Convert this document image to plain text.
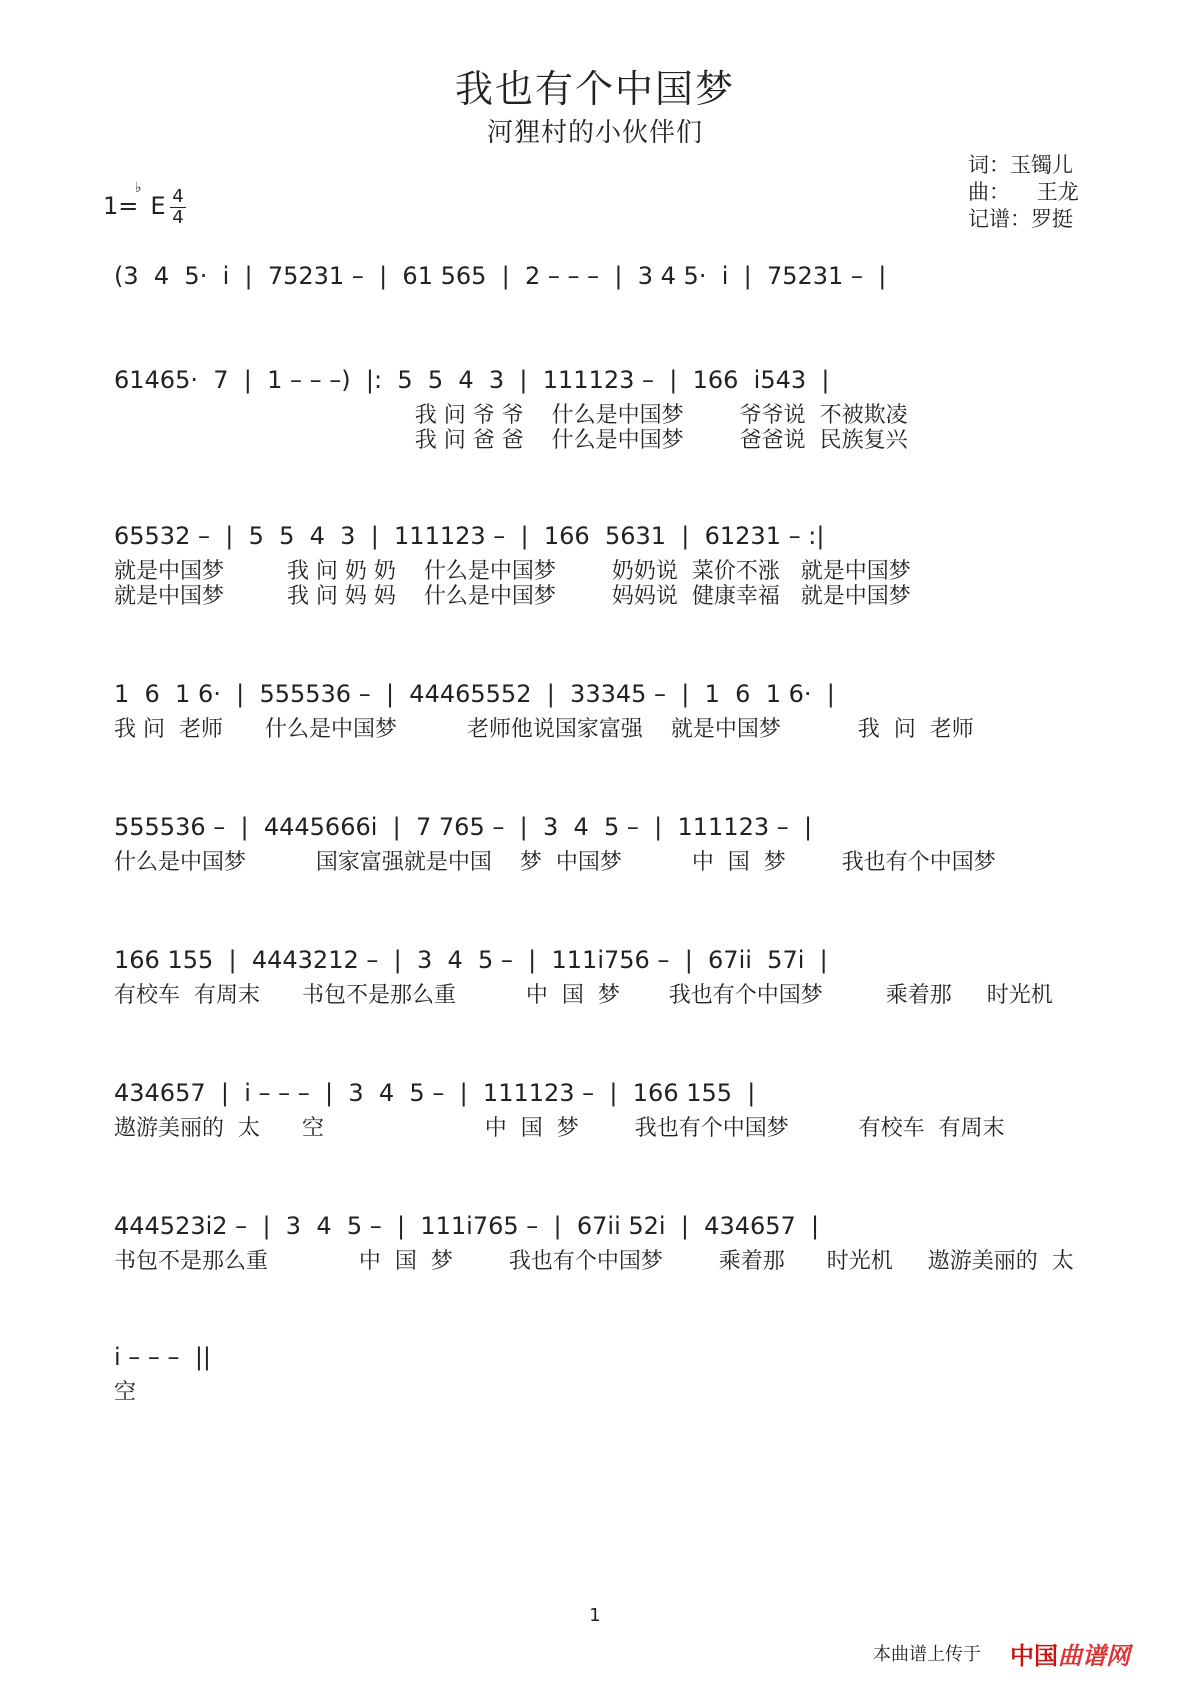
我也有个中国梦
河狸村的小伙伴们
词：玉镯儿
曲：    王龙
记谱：罗挺
1=
♭
E 4
4
(3  4  5·  i  |  75231 –  |  61 565  |  2 – – –  |  3 4 5·  i  |  75231 –  |
61465·  7  |  1 – – –)  |:  5  5  4  3  |  111123 –  |  166  i543  |
我 问 爷 爷    什么是中国梦        爷爷说  不被欺凌
我 问 爸 爸    什么是中国梦        爸爸说  民族复兴
65532 –  |  5  5  4  3  |  111123 –  |  166  5631  |  61231 – :|
就是中国梦         我 问 奶 奶    什么是中国梦        奶奶说  菜价不涨   就是中国梦
就是中国梦         我 问 妈 妈    什么是中国梦        妈妈说  健康幸福   就是中国梦
1  6  1 6·  |  555536 –  |  44465552  |  33345 –  |  1  6  1 6·  |
我 问  老师      什么是中国梦          老师他说国家富强    就是中国梦           我  问  老师
555536 –  |  4445666i  |  7 765 –  |  3  4  5 –  |  111123 –  |
什么是中国梦          国家富强就是中国    梦  中国梦          中  国  梦        我也有个中国梦
166 155  |  4443212 –  |  3  4  5 –  |  111i756 –  |  67ii  57i  |
有校车  有周末      书包不是那么重          中  国  梦       我也有个中国梦         乘着那     时光机
434657  |  i – – –  |  3  4  5 –  |  111123 –  |  166 155  |
遨游美丽的  太      空                       中  国  梦        我也有个中国梦          有校车  有周末
444523i2 –  |  3  4  5 –  |  111i765 –  |  67ii 52i  |  434657  |
书包不是那么重             中  国  梦        我也有个中国梦        乘着那      时光机     遨游美丽的  太
i – – –  ||
空
1
本曲谱上传于 中国曲谱网
